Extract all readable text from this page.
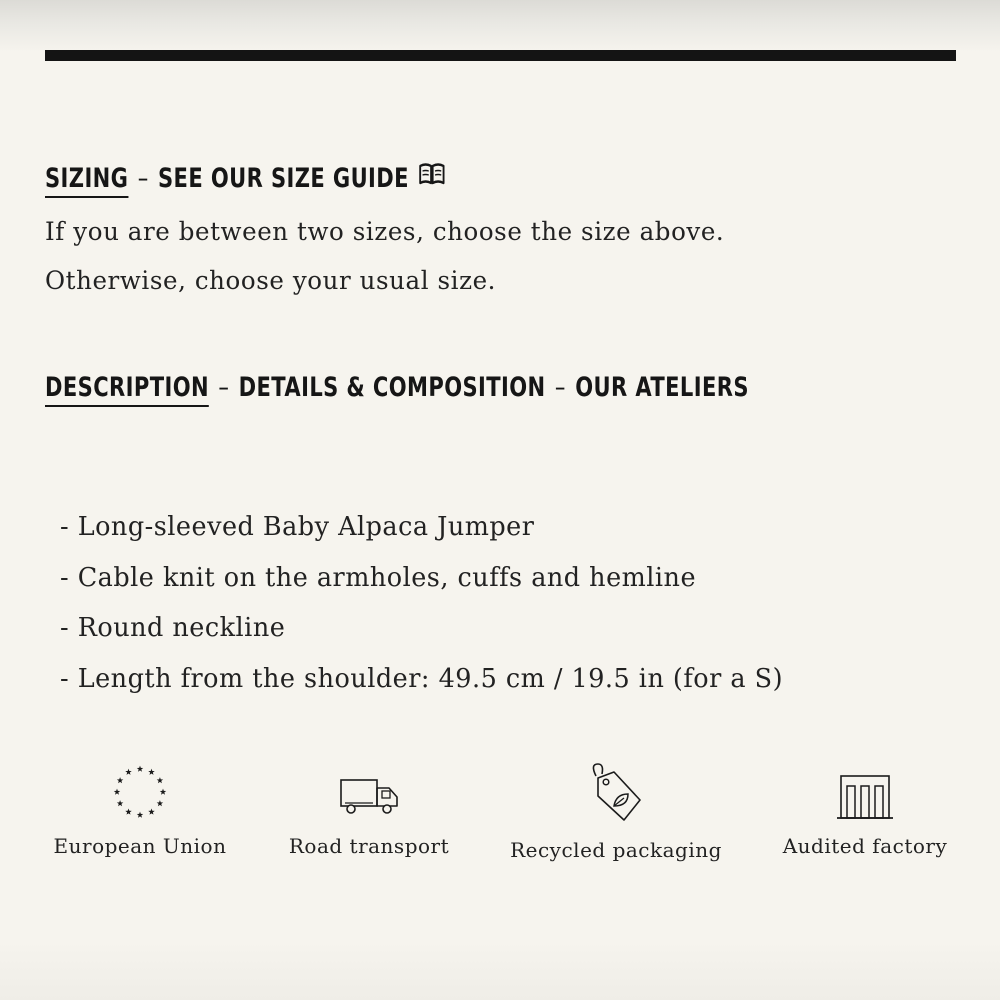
SIZING – SEE OUR SIZE GUIDE
If you are between two sizes, choose the size above.
Otherwise, choose your usual size.
DESCRIPTION – DETAILS & COMPOSITION – OUR ATELIERS
- Long-sleeved Baby Alpaca Jumper
- Cable knit on the armholes, cuffs and hemline
- Round neckline
- Length from the shoulder: 49.5 cm / 19.5 in (for a S)
European Union	Road transport	Recycled packaging	Audited factory
